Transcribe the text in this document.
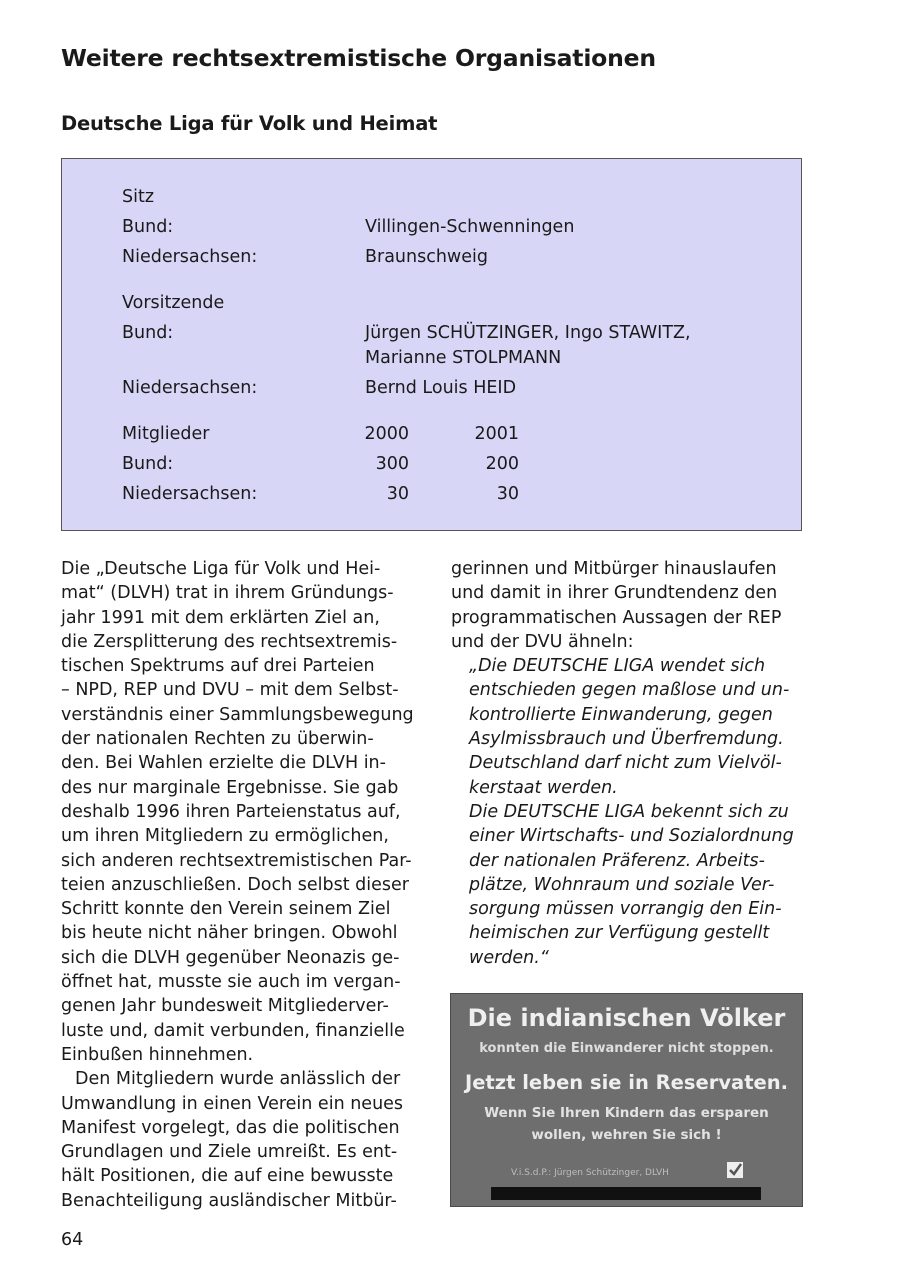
Weitere rechtsextremistische Organisationen
Deutsche Liga für Volk und Heimat
Sitz
Bund:	Villingen-Schwenningen
Niedersachsen:	Braunschweig
Vorsitzende
Bund:	Jürgen SCHÜTZINGER, Ingo STAWITZ,
Marianne STOLPMANN
Niedersachsen:	Bernd Louis HEID
Mitglieder	2000	2001
Bund:	300	200
Niedersachsen:	30	30

Die „Deutsche Liga für Volk und Hei-

mat“ (DLVH) trat in ihrem Gründungs-

jahr 1991 mit dem erklärten Ziel an,

die Zersplitterung des rechtsextremis-

tischen Spektrums auf drei Parteien

– NPD, REP und DVU – mit dem Selbst-

verständnis einer Sammlungsbewegung

der nationalen Rechten zu überwin-

den. Bei Wahlen erzielte die DLVH in-

des nur marginale Ergebnisse. Sie gab

deshalb 1996 ihren Parteienstatus auf,

um ihren Mitgliedern zu ermöglichen,

sich anderen rechtsextremistischen Par-

teien anzuschließen. Doch selbst dieser

Schritt konnte den Verein seinem Ziel

bis heute nicht näher bringen. Obwohl

sich die DLVH gegenüber Neonazis ge-

öffnet hat, musste sie auch im vergan-

genen Jahr bundesweit Mitgliederver-

luste und, damit verbunden, finanzielle

Einbußen hinnehmen.

Den Mitgliedern wurde anlässlich der

Umwandlung in einen Verein ein neues

Manifest vorgelegt, das die politischen

Grundlagen und Ziele umreißt. Es ent-

hält Positionen, die auf eine bewusste

Benachteiligung ausländischer Mitbür-

gerinnen und Mitbürger hinauslaufen

und damit in ihrer Grundtendenz den

programmatischen Aussagen der REP

und der DVU ähneln:

„Die DEUTSCHE LIGA wendet sich

entschieden gegen maßlose und un-

kontrollierte Einwanderung, gegen

Asylmissbrauch und Überfremdung.

Deutschland darf nicht zum Vielvöl-

kerstaat werden.

Die DEUTSCHE LIGA bekennt sich zu

einer Wirtschafts- und Sozialordnung

der nationalen Präferenz. Arbeits-

plätze, Wohnraum und soziale Ver-

sorgung müssen vorrangig den Ein-

heimischen zur Verfügung gestellt

werden.“

Die indianischen Völker
konnten die Einwanderer nicht stoppen.
Jetzt leben sie in Reservaten.
Wenn Sie Ihren Kindern das ersparen
wollen, wehren Sie sich !
V.i.S.d.P.: Jürgen Schützinger, DLVH
64
